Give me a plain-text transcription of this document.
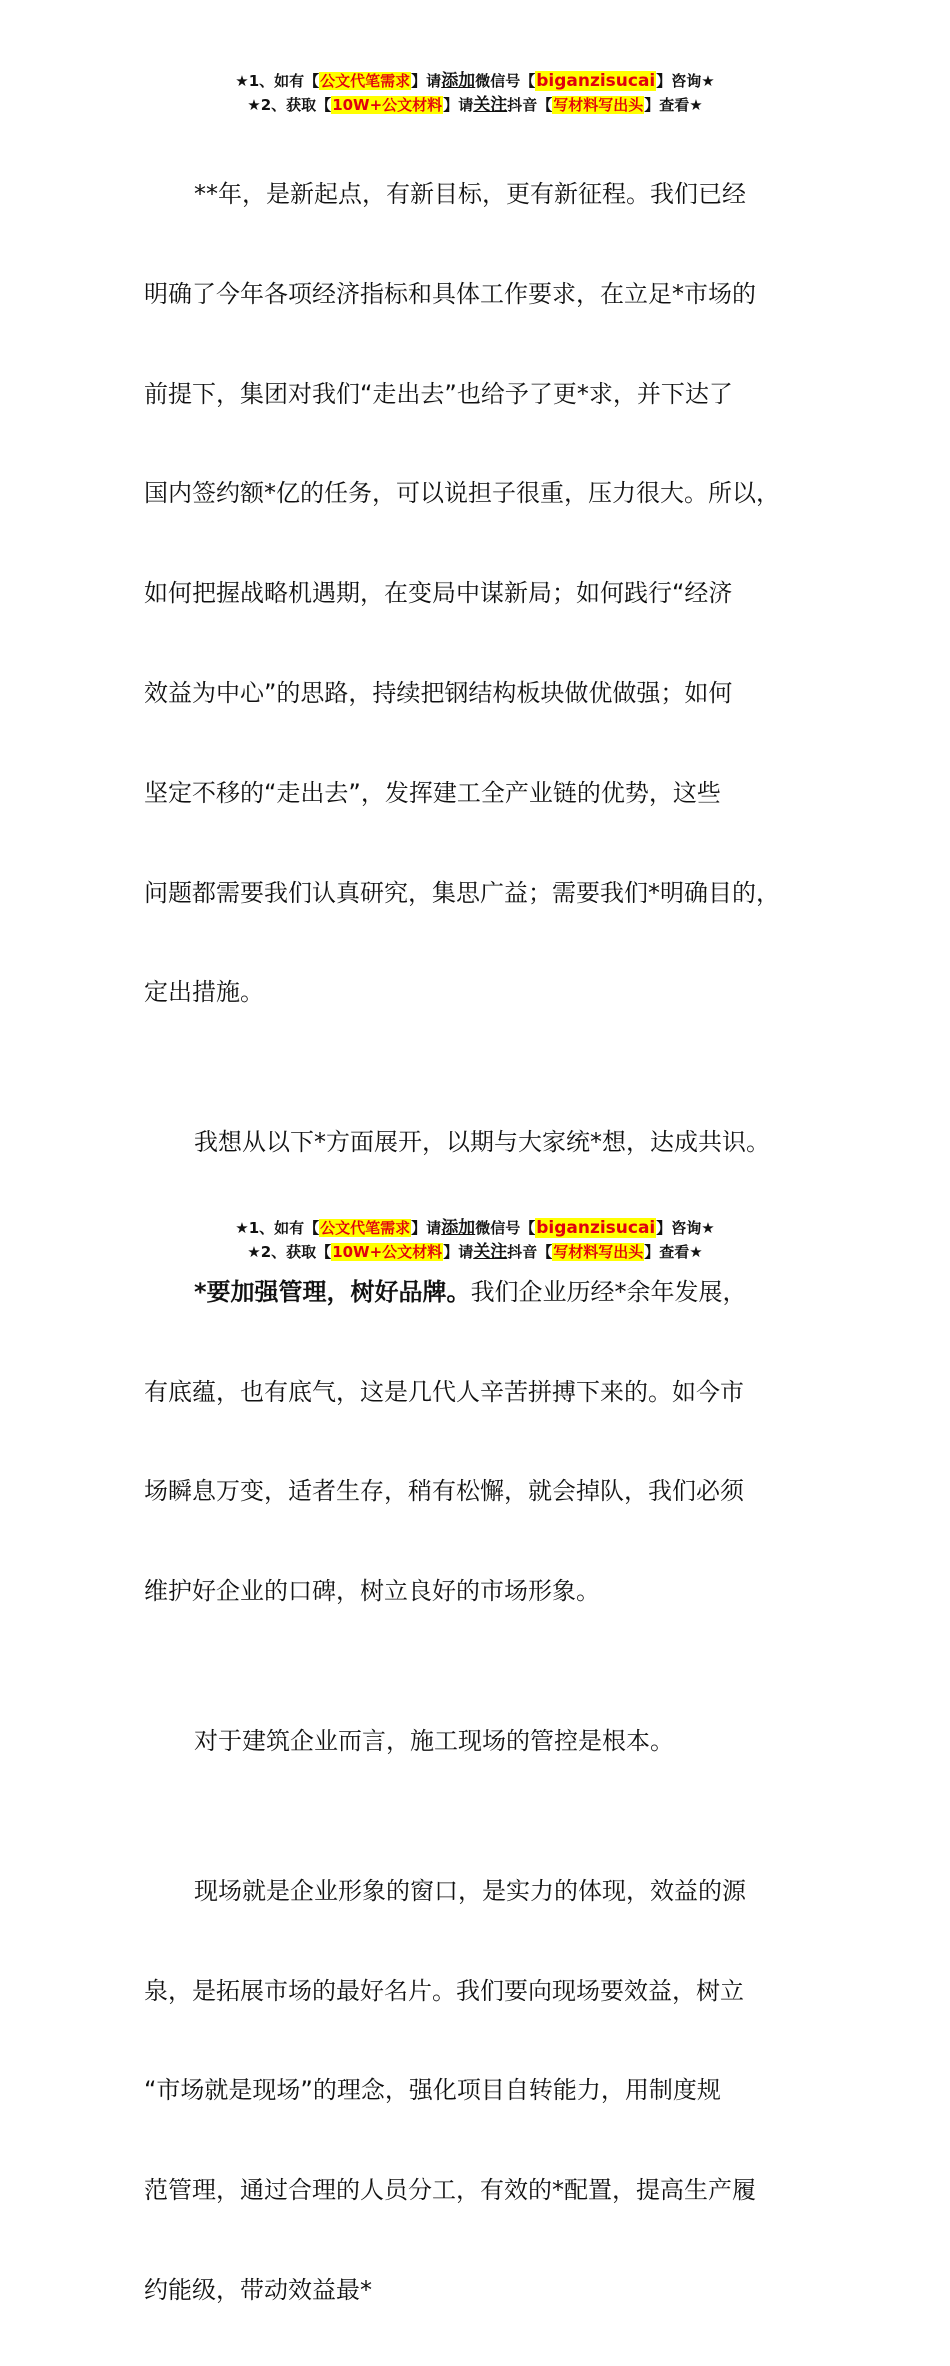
★1、如有【公文代笔需求】请添加微信号【biganzisucai】咨询★
★2、获取【10W+公文材料】请关注抖音【写材料写出头】查看★

**年，是新起点，有新目标，更有新征程。我们已经

明确了今年各项经济指标和具体工作要求，在立足*市场的

前提下，集团对我们“走出去”也给予了更*求，并下达了

国内签约额*亿的任务，可以说担子很重，压力很大。所以，

如何把握战略机遇期，在变局中谋新局；如何践行“经济

效益为中心”的思路，持续把钢结构板块做优做强；如何

坚定不移的“走出去”，发挥建工全产业链的优势，这些

问题都需要我们认真研究，集思广益；需要我们*明确目的，

定出措施。

我想从以下*方面展开，以期与大家统*想，达成共识。

*要加强管理，树好品牌。我们企业历经*余年发展，

有底蕴，也有底气，这是几代人辛苦拼搏下来的。如今市

场瞬息万变，适者生存，稍有松懈，就会掉队，我们必须

维护好企业的口碑，树立良好的市场形象。

对于建筑企业而言，施工现场的管控是根本。

现场就是企业形象的窗口，是实力的体现，效益的源

泉，是拓展市场的最好名片。我们要向现场要效益，树立

“市场就是现场”的理念，强化项目自转能力，用制度规

范管理，通过合理的人员分工，有效的*配置，提高生产履

约能级，带动效益最*

★1、如有【公文代笔需求】请添加微信号【biganzisucai】咨询★
★2、获取【10W+公文材料】请关注抖音【写材料写出头】查看★
